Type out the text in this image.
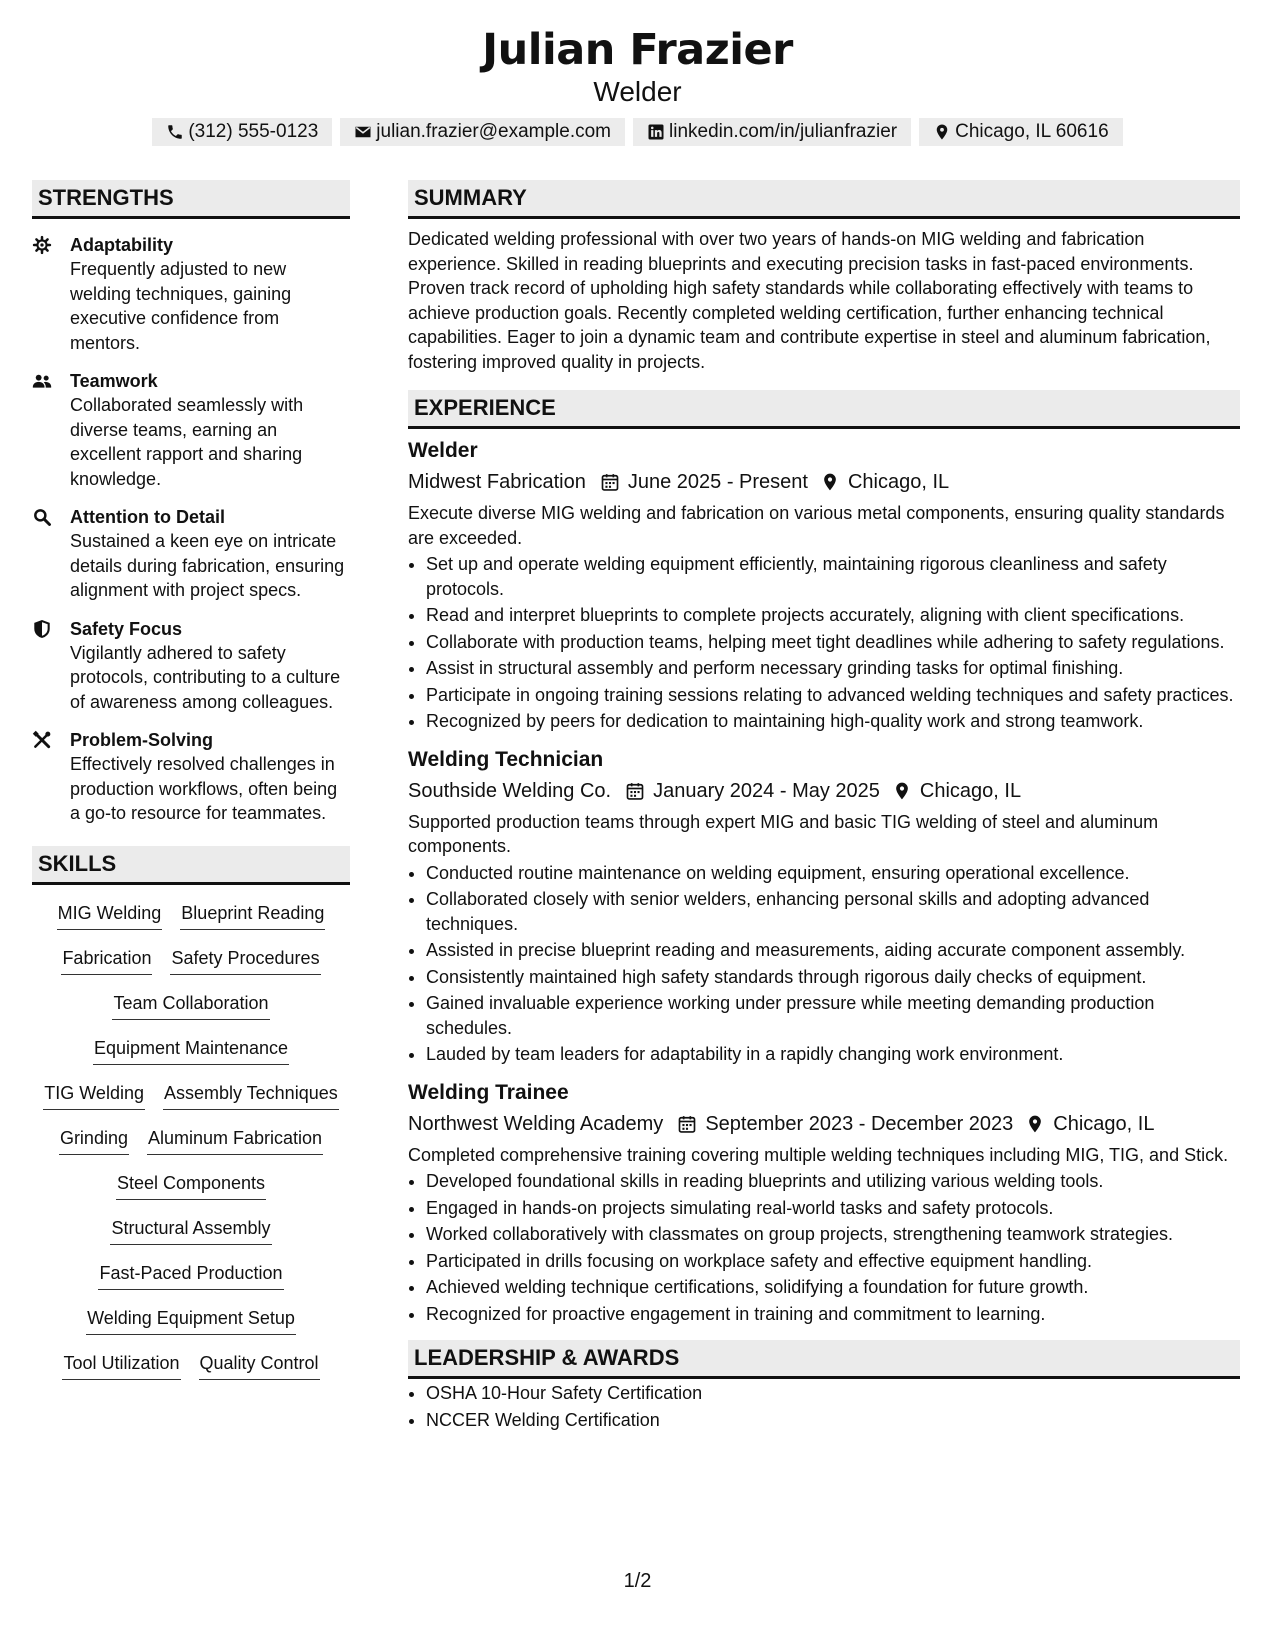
Julian Frazier
Welder
(312) 555-0123	julian.frazier@example.com	linkedin.com/in/julianfrazier	Chicago, IL 60616
STRENGTHS
Adaptability
Frequently adjusted to new welding techniques, gaining executive confidence from mentors.
Teamwork
Collaborated seamlessly with diverse teams, earning an excellent rapport and sharing knowledge.
Attention to Detail
Sustained a keen eye on intricate details during fabrication, ensuring alignment with project specs.
Safety Focus
Vigilantly adhered to safety protocols, contributing to a culture of awareness among colleagues.
Problem-Solving
Effectively resolved challenges in production workflows, often being a go-to resource for teammates.
SKILLS
MIG Welding Blueprint Reading
Fabrication Safety Procedures
Team Collaboration
Equipment Maintenance
TIG Welding Assembly Techniques
Grinding Aluminum Fabrication
Steel Components
Structural Assembly
Fast-Paced Production
Welding Equipment Setup
Tool Utilization Quality Control
SUMMARY
Dedicated welding professional with over two years of hands-on MIG welding and fabrication experience. Skilled in reading blueprints and executing precision tasks in fast-paced environments. Proven track record of upholding high safety standards while collaborating effectively with teams to achieve production goals. Recently completed welding certification, further enhancing technical capabilities. Eager to join a dynamic team and contribute expertise in steel and aluminum fabrication, fostering improved quality in projects.
EXPERIENCE
Welder
Midwest Fabrication June 2025 - Present Chicago, IL
Execute diverse MIG welding and fabrication on various metal components, ensuring quality standards are exceeded.
• Set up and operate welding equipment efficiently, maintaining rigorous cleanliness and safety protocols.
• Read and interpret blueprints to complete projects accurately, aligning with client specifications.
• Collaborate with production teams, helping meet tight deadlines while adhering to safety regulations.
• Assist in structural assembly and perform necessary grinding tasks for optimal finishing.
• Participate in ongoing training sessions relating to advanced welding techniques and safety practices.
• Recognized by peers for dedication to maintaining high-quality work and strong teamwork.
Welding Technician
Southside Welding Co. January 2024 - May 2025 Chicago, IL
Supported production teams through expert MIG and basic TIG welding of steel and aluminum components.
• Conducted routine maintenance on welding equipment, ensuring operational excellence.
• Collaborated closely with senior welders, enhancing personal skills and adopting advanced techniques.
• Assisted in precise blueprint reading and measurements, aiding accurate component assembly.
• Consistently maintained high safety standards through rigorous daily checks of equipment.
• Gained invaluable experience working under pressure while meeting demanding production schedules.
• Lauded by team leaders for adaptability in a rapidly changing work environment.
Welding Trainee
Northwest Welding Academy September 2023 - December 2023 Chicago, IL
Completed comprehensive training covering multiple welding techniques including MIG, TIG, and Stick.
• Developed foundational skills in reading blueprints and utilizing various welding tools.
• Engaged in hands-on projects simulating real-world tasks and safety protocols.
• Worked collaboratively with classmates on group projects, strengthening teamwork strategies.
• Participated in drills focusing on workplace safety and effective equipment handling.
• Achieved welding technique certifications, solidifying a foundation for future growth.
• Recognized for proactive engagement in training and commitment to learning.
LEADERSHIP & AWARDS
• OSHA 10-Hour Safety Certification
• NCCER Welding Certification
1/2
